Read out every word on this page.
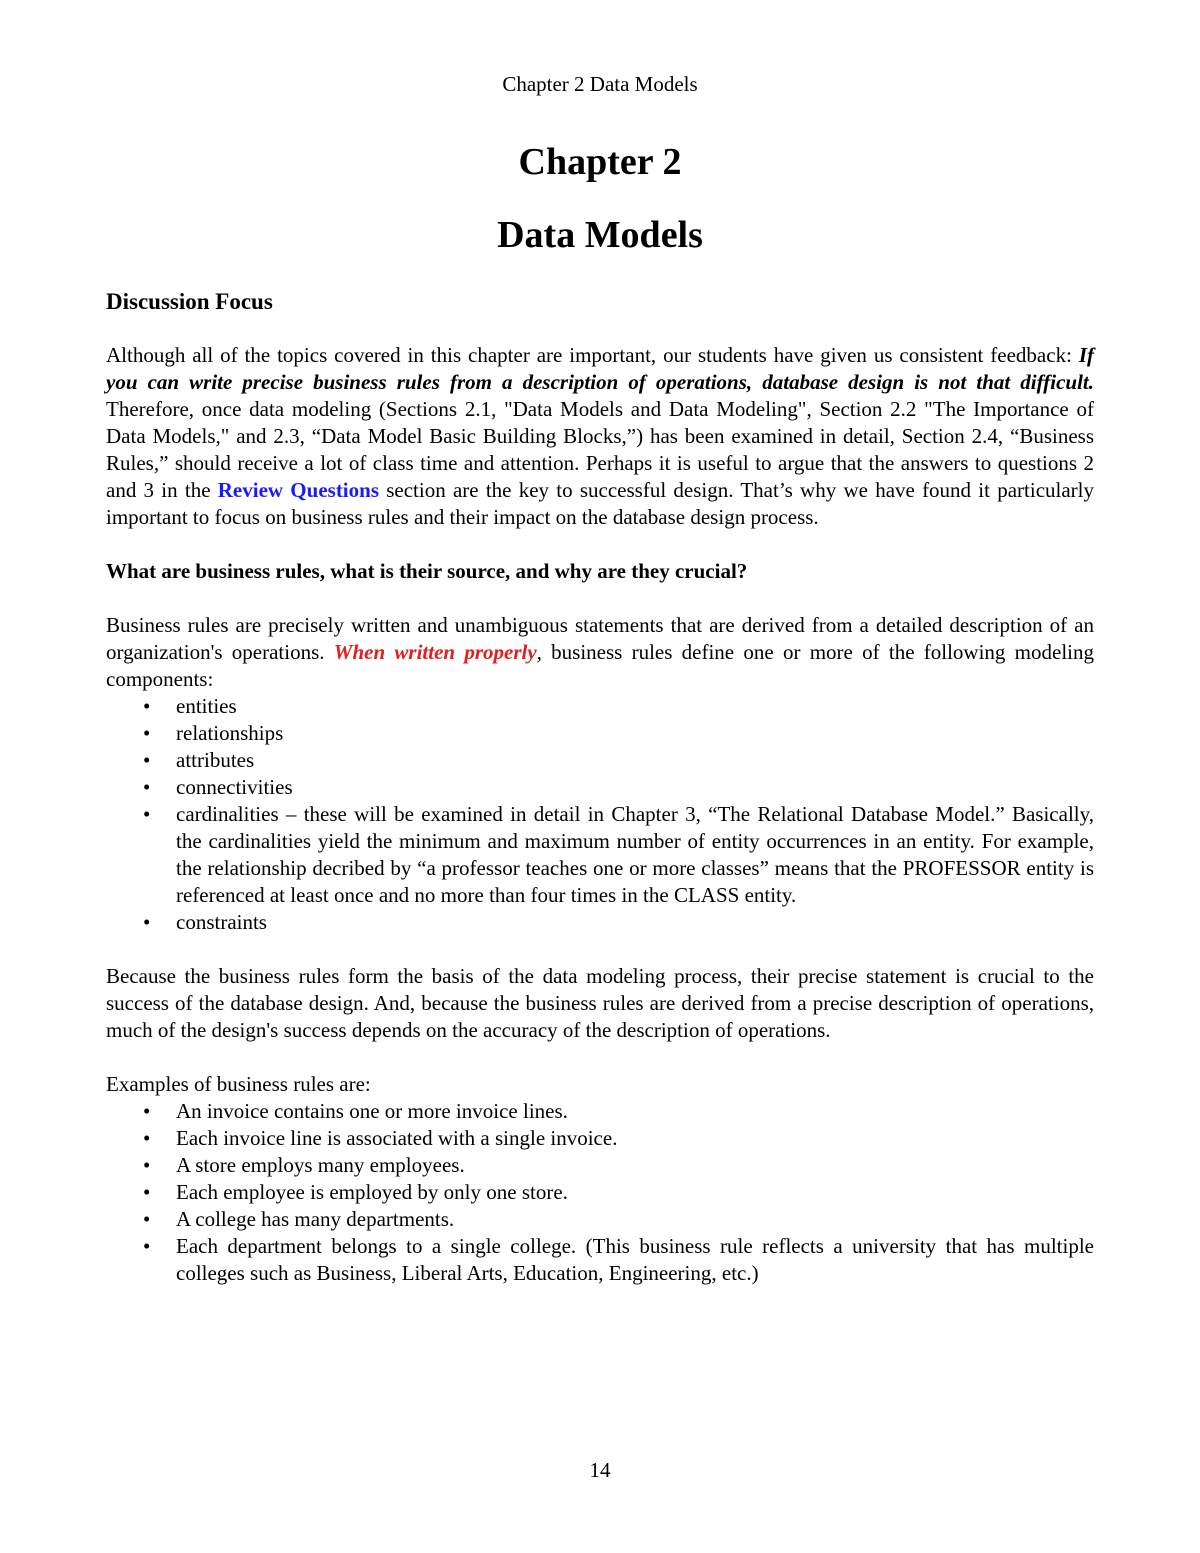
Chapter 2 Data Models
Chapter 2
Data Models
Discussion Focus

Although all of the topics covered in this chapter are important, our students have given us consistent feedback: If you can write precise business rules from a description of operations, database design is not that difficult. Therefore, once data modeling (Sections 2.1, "Data Models and Data Modeling", Section 2.2 "The Importance of Data Models," and 2.3, “Data Model Basic Building Blocks,”) has been examined in detail, Section 2.4, “Business Rules,” should receive a lot of class time and attention. Perhaps it is useful to argue that the answers to questions 2 and 3 in the Review Questions section are the key to successful design. That’s why we have found it particularly important to focus on business rules and their impact on the database design process.

What are business rules, what is their source, and why are they crucial?

Business rules are precisely written and unambiguous statements that are derived from a detailed description of an organization's operations. When written properly, business rules define one or more of the following modeling components:

• entities
• relationships
• attributes
• connectivities
• cardinalities – these will be examined in detail in Chapter 3, “The Relational Database Model.” Basically, the cardinalities yield the minimum and maximum number of entity occurrences in an entity. For example, the relationship decribed by “a professor teaches one or more classes” means that the PROFESSOR entity is referenced at least once and no more than four times in the CLASS entity.
• constraints

Because the business rules form the basis of the data modeling process, their precise statement is crucial to the success of the database design. And, because the business rules are derived from a precise description of operations, much of the design's success depends on the accuracy of the description of operations.

Examples of business rules are:

• An invoice contains one or more invoice lines.
• Each invoice line is associated with a single invoice.
• A store employs many employees.
• Each employee is employed by only one store.
• A college has many departments.
• Each department belongs to a single college. (This business rule reflects a university that has multiple colleges such as Business, Liberal Arts, Education, Engineering, etc.)
14
